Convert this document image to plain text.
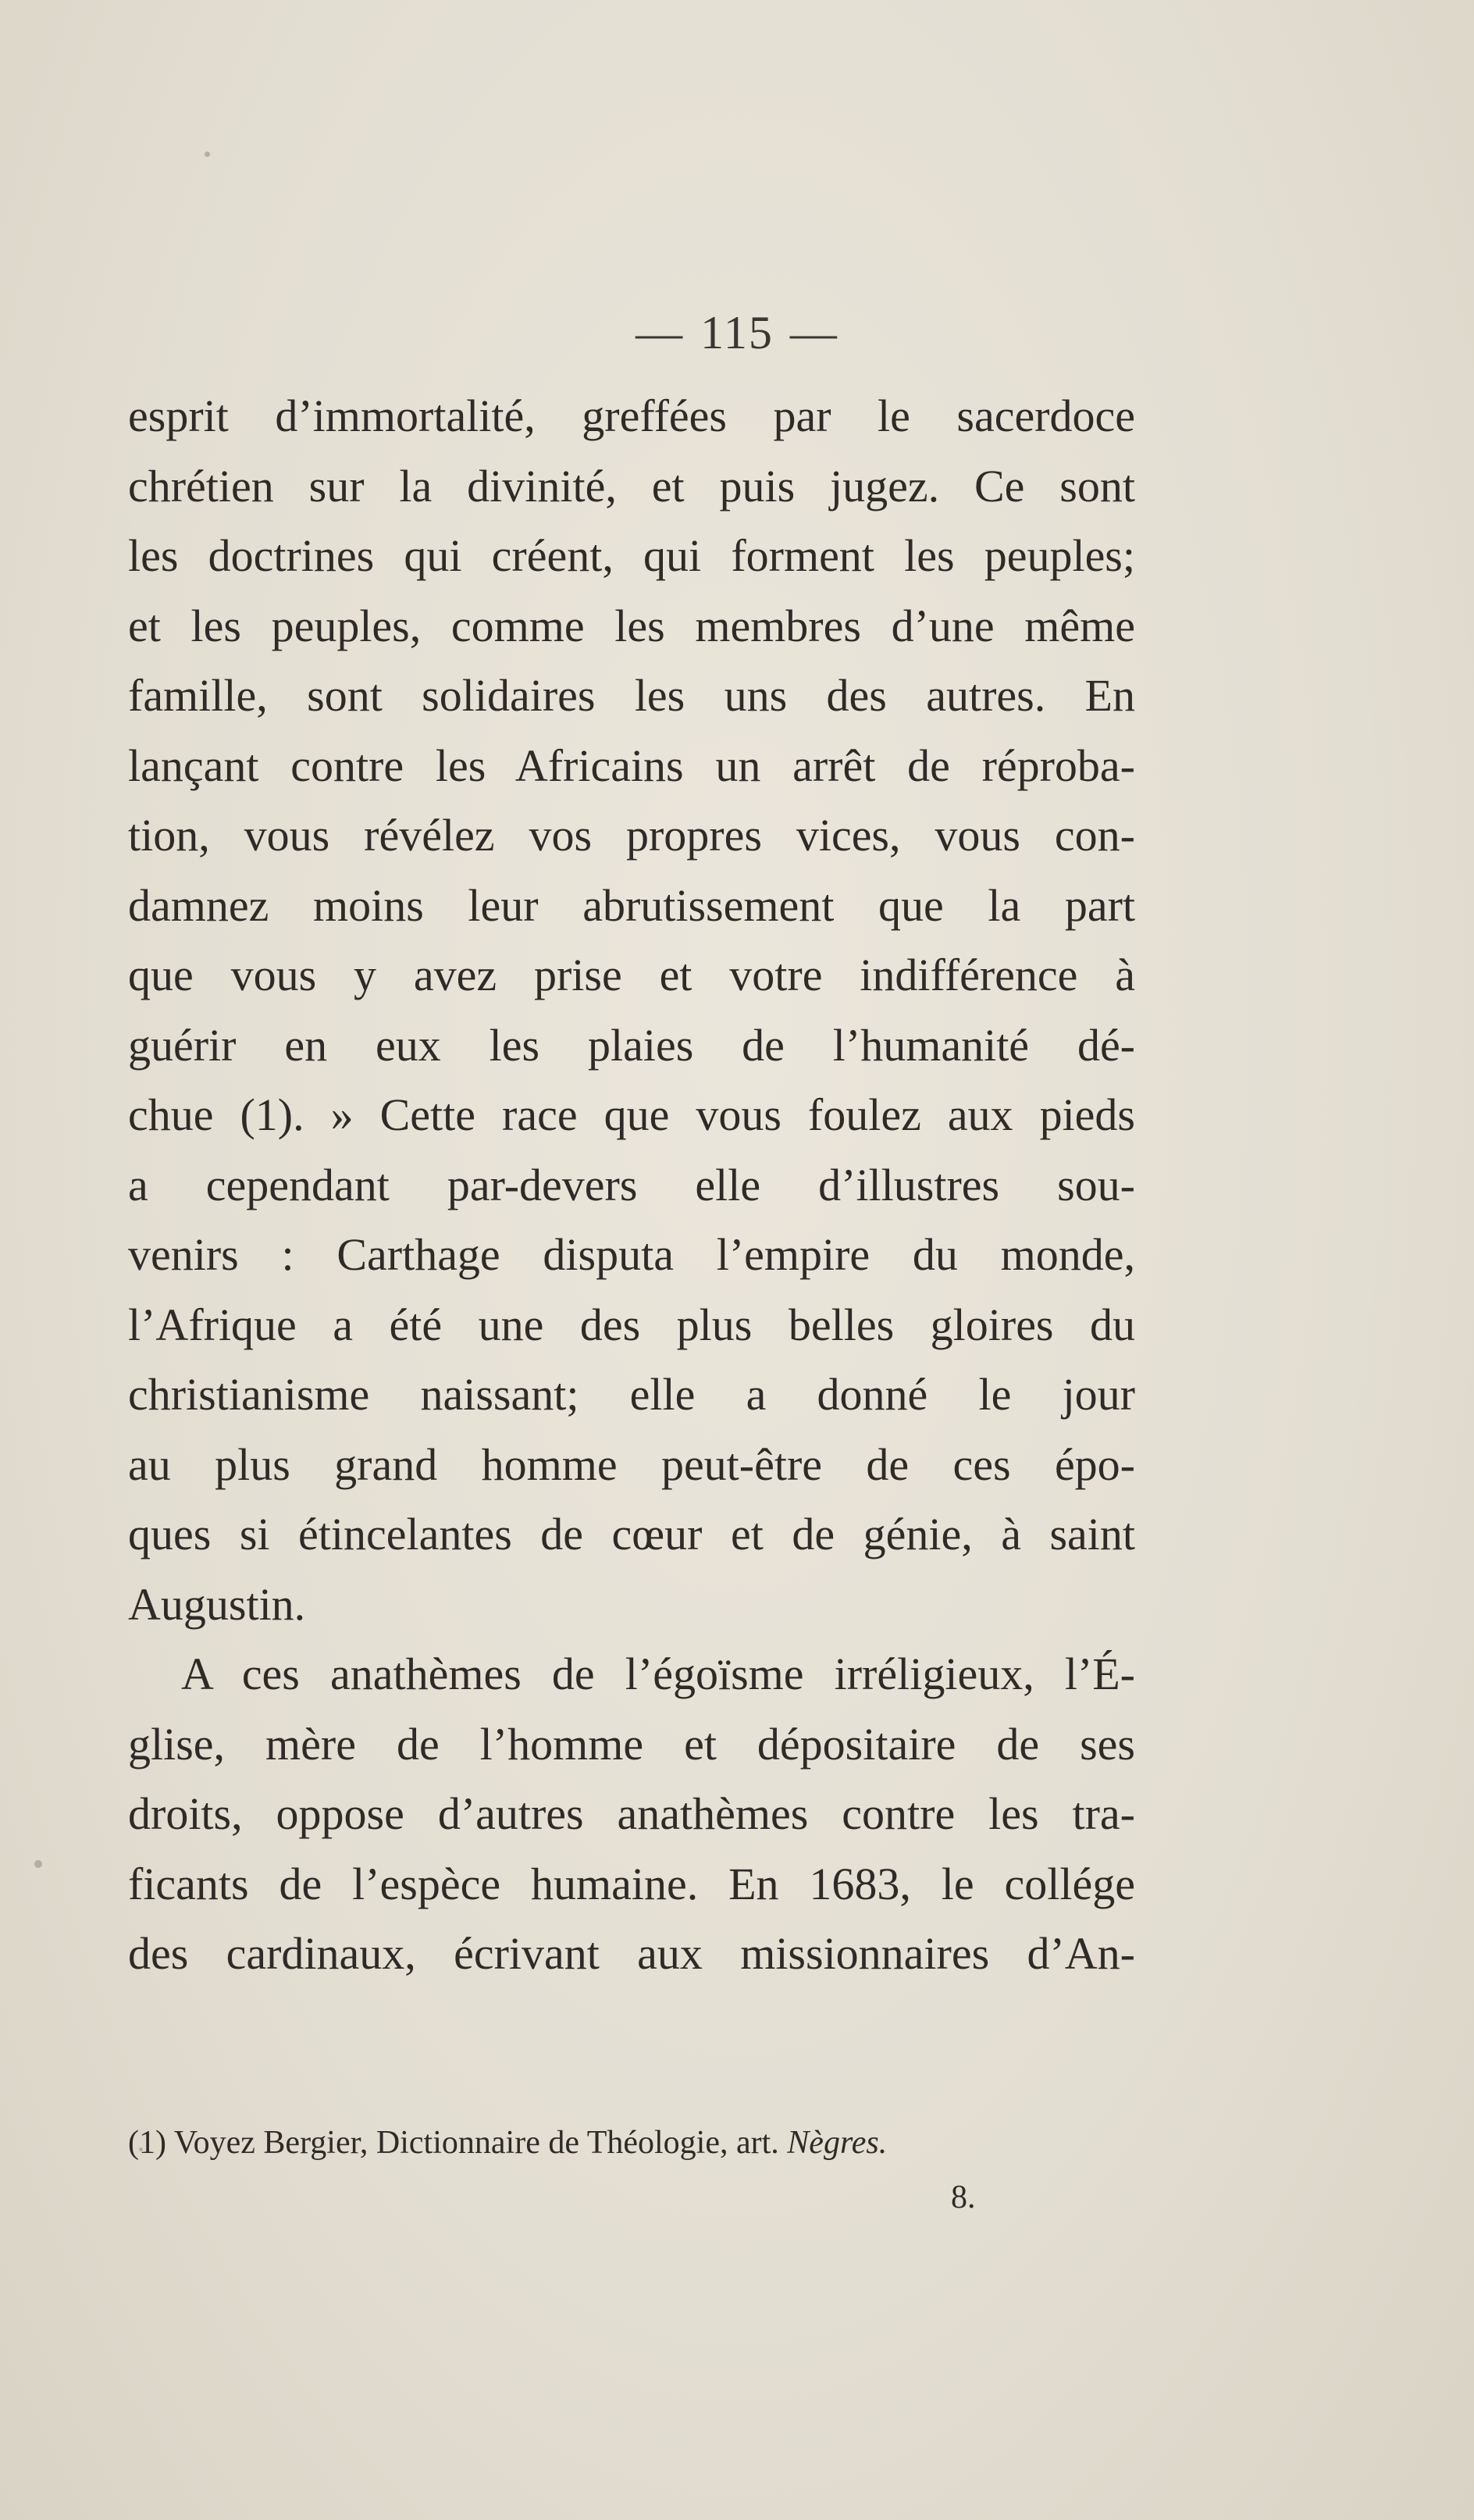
— 115 —
esprit d’immortalité, greffées par le sacerdoce
chrétien sur la divinité, et puis jugez. Ce sont
les doctrines qui créent, qui forment les peuples;
et les peuples, comme les membres d’une même
famille, sont solidaires les uns des autres. En
lançant contre les Africains un arrêt de réproba-
tion, vous révélez vos propres vices, vous con-
damnez moins leur abrutissement que la part
que vous y avez prise et votre indifférence à
guérir en eux les plaies de l’humanité dé-
chue (1). » Cette race que vous foulez aux pieds
a cependant par-devers elle d’illustres sou-
venirs : Carthage disputa l’empire du monde,
l’Afrique a été une des plus belles gloires du
christianisme naissant; elle a donné le jour
au plus grand homme peut-être de ces épo-
ques si étincelantes de cœur et de génie, à saint
Augustin.
A ces anathèmes de l’égoïsme irréligieux, l’É-
glise, mère de l’homme et dépositaire de ses
droits, oppose d’autres anathèmes contre les tra-
ficants de l’espèce humaine. En 1683, le collége
des cardinaux, écrivant aux missionnaires d’An-
(1) Voyez Bergier, Dictionnaire de Théologie, art. Nègres.
8.
